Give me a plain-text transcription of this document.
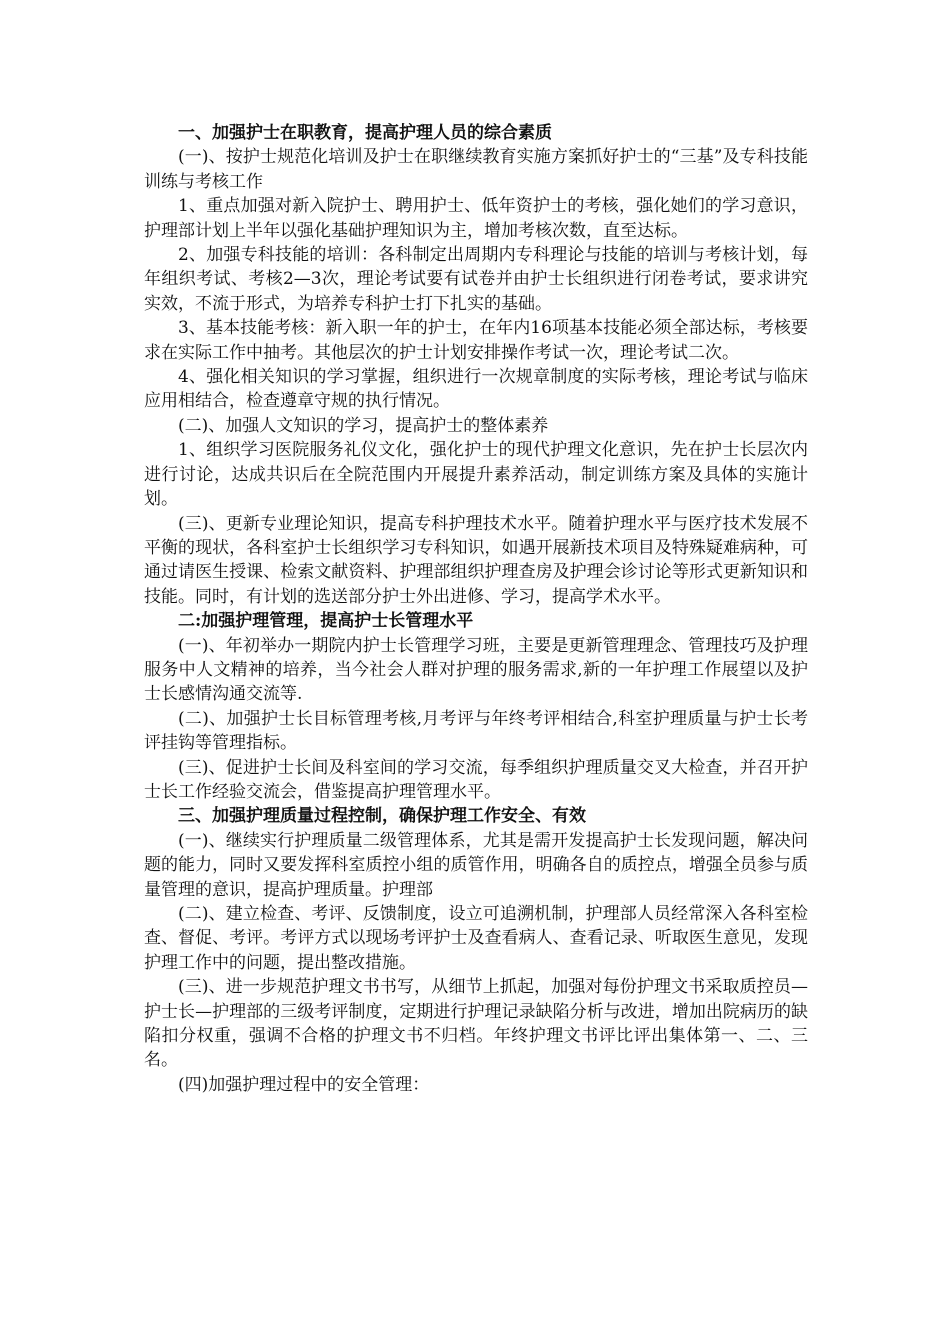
一、加强护士在职教育，提高护理人员的综合素质

(一)、按护士规范化培训及护士在职继续教育实施方案抓好护士的“三基”及专科技能训练与考核工作

1、重点加强对新入院护士、聘用护士、低年资护士的考核，强化她们的学习意识，护理部计划上半年以强化基础护理知识为主，增加考核次数，直至达标。

2、加强专科技能的培训：各科制定出周期内专科理论与技能的培训与考核计划，每年组织考试、考核2—3次，理论考试要有试卷并由护士长组织进行闭卷考试，要求讲究实效，不流于形式，为培养专科护士打下扎实的基础。

3、基本技能考核：新入职一年的护士，在年内16项基本技能必须全部达标，考核要求在实际工作中抽考。其他层次的护士计划安排操作考试一次，理论考试二次。

4、强化相关知识的学习掌握，组织进行一次规章制度的实际考核，理论考试与临床应用相结合，检查遵章守规的执行情况。

(二)、加强人文知识的学习，提高护士的整体素养

1、组织学习医院服务礼仪文化，强化护士的现代护理文化意识，先在护士长层次内进行讨论，达成共识后在全院范围内开展提升素养活动，制定训练方案及具体的实施计划。

(三)、更新专业理论知识，提高专科护理技术水平。随着护理水平与医疗技术发展不平衡的现状，各科室护士长组织学习专科知识，如遇开展新技术项目及特殊疑难病种，可通过请医生授课、检索文献资料、护理部组织护理查房及护理会诊讨论等形式更新知识和技能。同时，有计划的选送部分护士外出进修、学习，提高学术水平。

二:加强护理管理，提高护士长管理水平

(一)、年初举办一期院内护士长管理学习班，主要是更新管理理念、管理技巧及护理服务中人文精神的培养，当今社会人群对护理的服务需求,新的一年护理工作展望以及护士长感情沟通交流等.

(二)、加强护士长目标管理考核,月考评与年终考评相结合,科室护理质量与护士长考评挂钩等管理指标。

(三)、促进护士长间及科室间的学习交流，每季组织护理质量交叉大检查，并召开护士长工作经验交流会，借鉴提高护理管理水平。

三、加强护理质量过程控制，确保护理工作安全、有效

(一)、继续实行护理质量二级管理体系，尤其是需开发提高护士长发现问题，解决问题的能力，同时又要发挥科室质控小组的质管作用，明确各自的质控点，增强全员参与质量管理的意识，提高护理质量。护理部

(二)、建立检查、考评、反馈制度，设立可追溯机制，护理部人员经常深入各科室检查、督促、考评。考评方式以现场考评护士及查看病人、查看记录、听取医生意见，发现护理工作中的问题，提出整改措施。

(三)、进一步规范护理文书书写，从细节上抓起，加强对每份护理文书采取质控员—护士长—护理部的三级考评制度，定期进行护理记录缺陷分析与改进，增加出院病历的缺陷扣分权重，强调不合格的护理文书不归档。年终护理文书评比评出集体第一、二、三名。

(四)加强护理过程中的安全管理：
